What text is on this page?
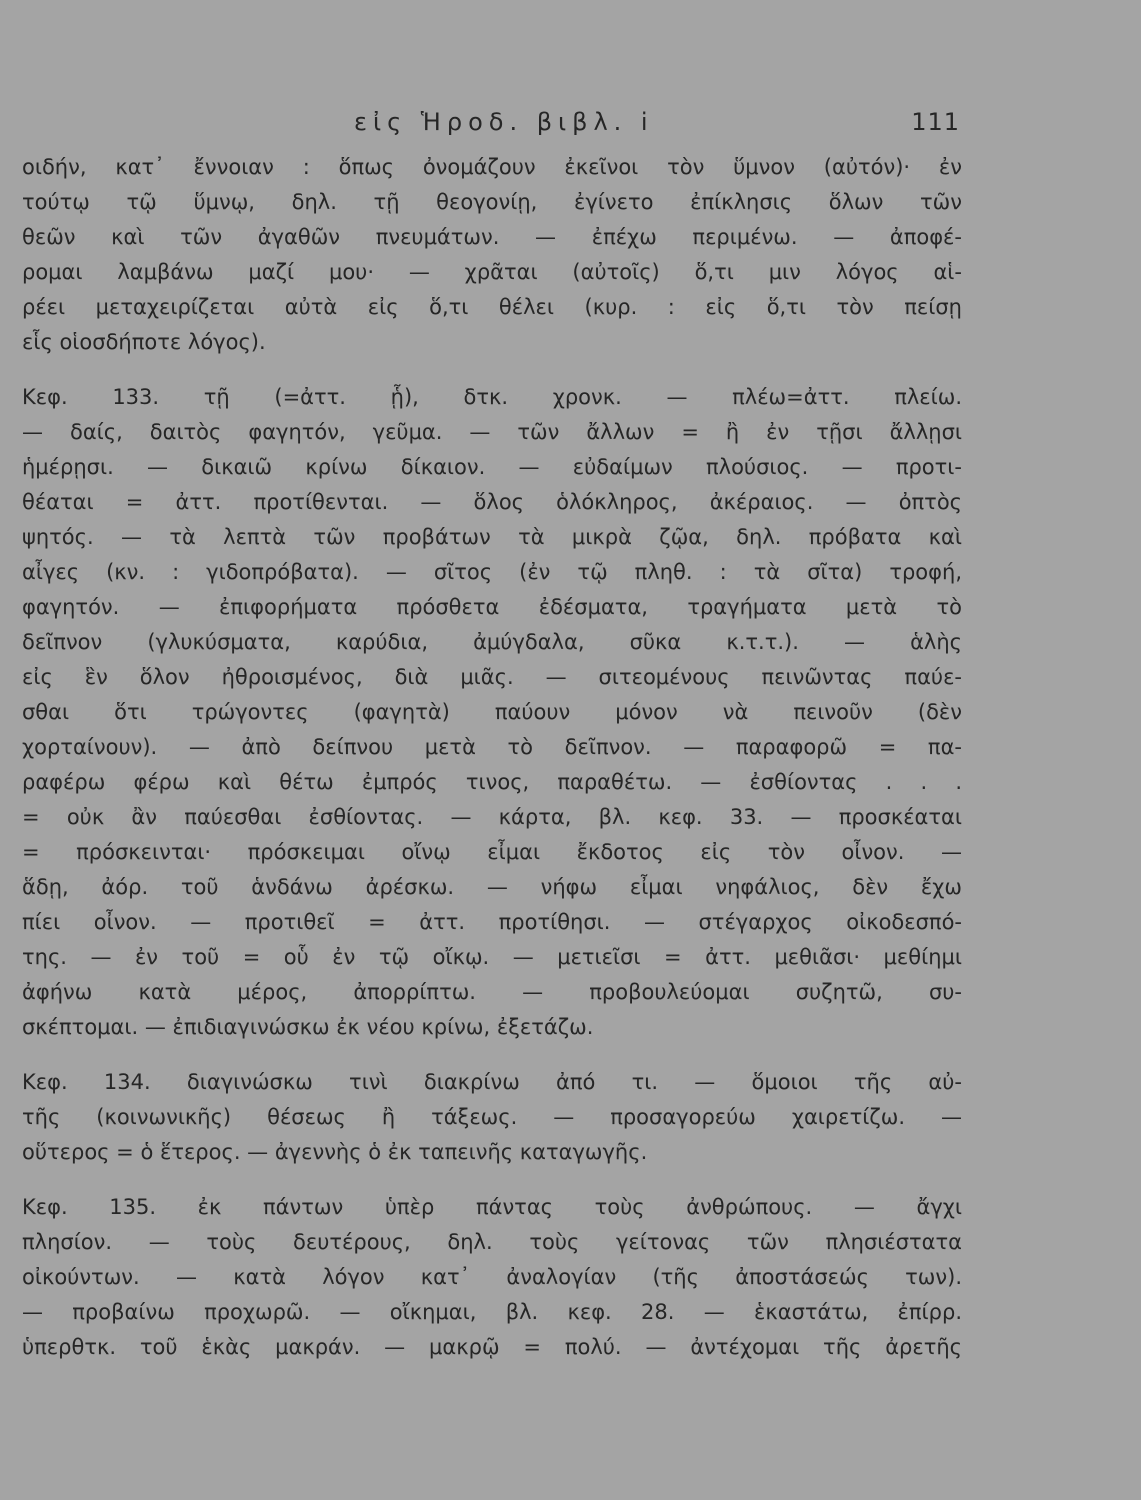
εἰς Ἡροδ. βιβλ. i	111
οιδήν, κατ᾽ ἔννοιαν : ὅπως ὀνομάζουν ἐκεῖνοι τὸν ὕμνον (αὐτόν)· ἐν
τούτῳ τῷ ὕμνῳ, δηλ. τῇ θεογονίῃ, ἐγίνετο ἐπίκλησις ὅλων τῶν
θεῶν καὶ τῶν ἀγαθῶν πνευμάτων. — ἐπέχω περιμένω. — ἀποφέ-
ρομαι λαμβάνω μαζί μου· — χρᾶται (αὐτοῖς) ὅ,τι μιν λόγος αἱ-
ρέει μεταχειρίζεται αὐτὰ εἰς ὅ,τι θέλει (κυρ. : εἰς ὅ,τι τὸν πείσῃ
εἷς οἱοσδήποτε λόγος).
Κεφ. 133. τῇ (=ἀττ. ᾗ), δτκ. χρονκ. — πλέω=ἀττ. πλείω.
— δαίς, δαιτὸς φαγητόν, γεῦμα. — τῶν ἄλλων = ἢ ἐν τῇσι ἄλλῃσι
ἡμέρῃσι. — δικαιῶ κρίνω δίκαιον. — εὐδαίμων πλούσιος. — προτι-
θέαται = ἀττ. προτίθενται. — ὅλος ὁλόκληρος, ἀκέραιος. — ὀπτὸς
ψητός. — τὰ λεπτὰ τῶν προβάτων τὰ μικρὰ ζῷα, δηλ. πρόβατα καὶ
αἶγες (κν. : γιδοπρόβατα). — σῖτος (ἐν τῷ πληθ. : τὰ σῖτα) τροφή,
φαγητόν. — ἐπιφορήματα πρόσθετα ἐδέσματα, τραγήματα μετὰ τὸ
δεῖπνον (γλυκύσματα, καρύδια, ἀμύγδαλα, σῦκα κ.τ.τ.). — ἁλὴς
εἰς ἓν ὅλον ἠθροισμένος, διὰ μιᾶς. — σιτεομένους πεινῶντας παύε-
σθαι ὅτι τρώγοντες (φαγητὰ) παύουν μόνον νὰ πεινοῦν (δὲν
χορταίνουν). — ἀπὸ δείπνου μετὰ τὸ δεῖπνον. — παραφορῶ = πα-
ραφέρω φέρω καὶ θέτω ἐμπρός τινος, παραθέτω. — ἐσθίοντας . . .
= οὐκ ἂν παύεσθαι ἐσθίοντας. — κάρτα, βλ. κεφ. 33. — προσκέαται
= πρόσκεινται· πρόσκειμαι οἴνῳ εἶμαι ἔκδοτος εἰς τὸν οἶνον. —
ἅδῃ, ἀόρ. τοῦ ἁνδάνω ἀρέσκω. — νήφω εἶμαι νηφάλιος, δὲν ἔχω
πίει οἶνον. — προτιθεῖ = ἀττ. προτίθησι. — στέγαρχος οἰκοδεσπό-
της. — ἐν τοῦ = οὗ ἐν τῷ οἴκῳ. — μετιεῖσι = ἀττ. μεθιᾶσι· μεθίημι
ἀφήνω κατὰ μέρος, ἀπορρίπτω. — προβουλεύομαι συζητῶ, συ-
σκέπτομαι. — ἐπιδιαγινώσκω ἐκ νέου κρίνω, ἐξετάζω.
Κεφ. 134. διαγινώσκω τινὶ διακρίνω ἀπό τι. — ὅμοιοι τῆς αὐ-
τῆς (κοινωνικῆς) θέσεως ἢ τάξεως. — προσαγορεύω χαιρετίζω. —
οὕτερος = ὁ ἕτερος. — ἀγεννὴς ὁ ἐκ ταπεινῆς καταγωγῆς.
Κεφ. 135. ἐκ πάντων ὑπὲρ πάντας τοὺς ἀνθρώπους. — ἄγχι
πλησίον. — τοὺς δευτέρους, δηλ. τοὺς γείτονας τῶν πλησιέστατα
οἰκούντων. — κατὰ λόγον κατ᾽ ἀναλογίαν (τῆς ἀποστάσεώς των).
— προβαίνω προχωρῶ. — οἴκημαι, βλ. κεφ. 28. — ἑκαστάτω, ἐπίρρ.
ὑπερθτκ. τοῦ ἑκὰς μακράν. — μακρῷ = πολύ. — ἀντέχομαι τῆς ἀρετῆς
